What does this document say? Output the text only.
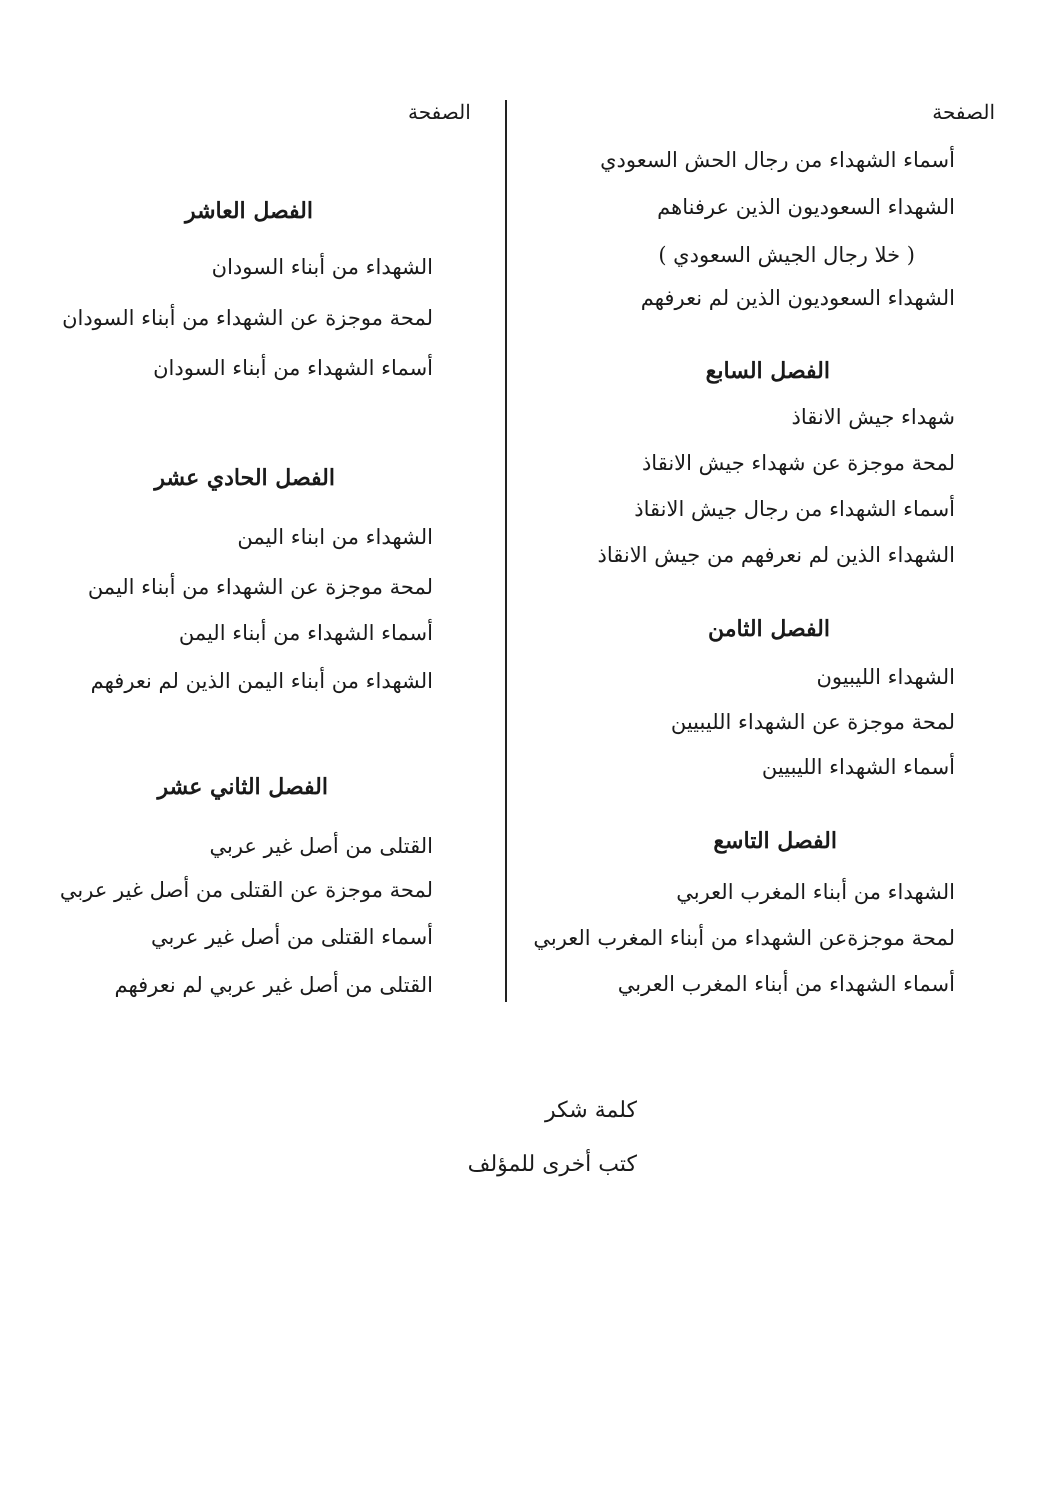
الصفحة
الصفحة
أسماء الشهداء من رجال الحش السعودي
الشهداء السعوديون الذين عرفناهم
( خلا رجال الجيش السعودي )
الشهداء السعوديون الذين لم نعرفهم
الفصل السابع
شهداء جيش الانقاذ
لمحة موجزة عن شهداء جيش الانقاذ
أسماء الشهداء من رجال جيش الانقاذ
الشهداء الذين لم نعرفهم من جيش الانقاذ
الفصل الثامن
الشهداء الليبيون
لمحة موجزة عن الشهداء الليبيين
أسماء الشهداء الليبيين
الفصل التاسع
الشهداء من أبناء المغرب العربي
لمحة موجزةعن الشهداء من أبناء المغرب العربي
أسماء الشهداء من أبناء المغرب العربي
الفصل العاشر
الشهداء من أبناء السودان
لمحة موجزة عن الشهداء من أبناء السودان
أسماء الشهداء من أبناء السودان
الفصل الحادي عشر
الشهداء من ابناء اليمن
لمحة موجزة عن الشهداء من أبناء اليمن
أسماء الشهداء من أبناء اليمن
الشهداء من أبناء اليمن الذين لم نعرفهم
الفصل الثاني عشر
القتلى من أصل غير عربي
لمحة موجزة عن القتلى من أصل غير عربي
أسماء القتلى من أصل غير عربي
القتلى من أصل غير عربي لم نعرفهم
كلمة شكر
كتب أخرى للمؤلف
